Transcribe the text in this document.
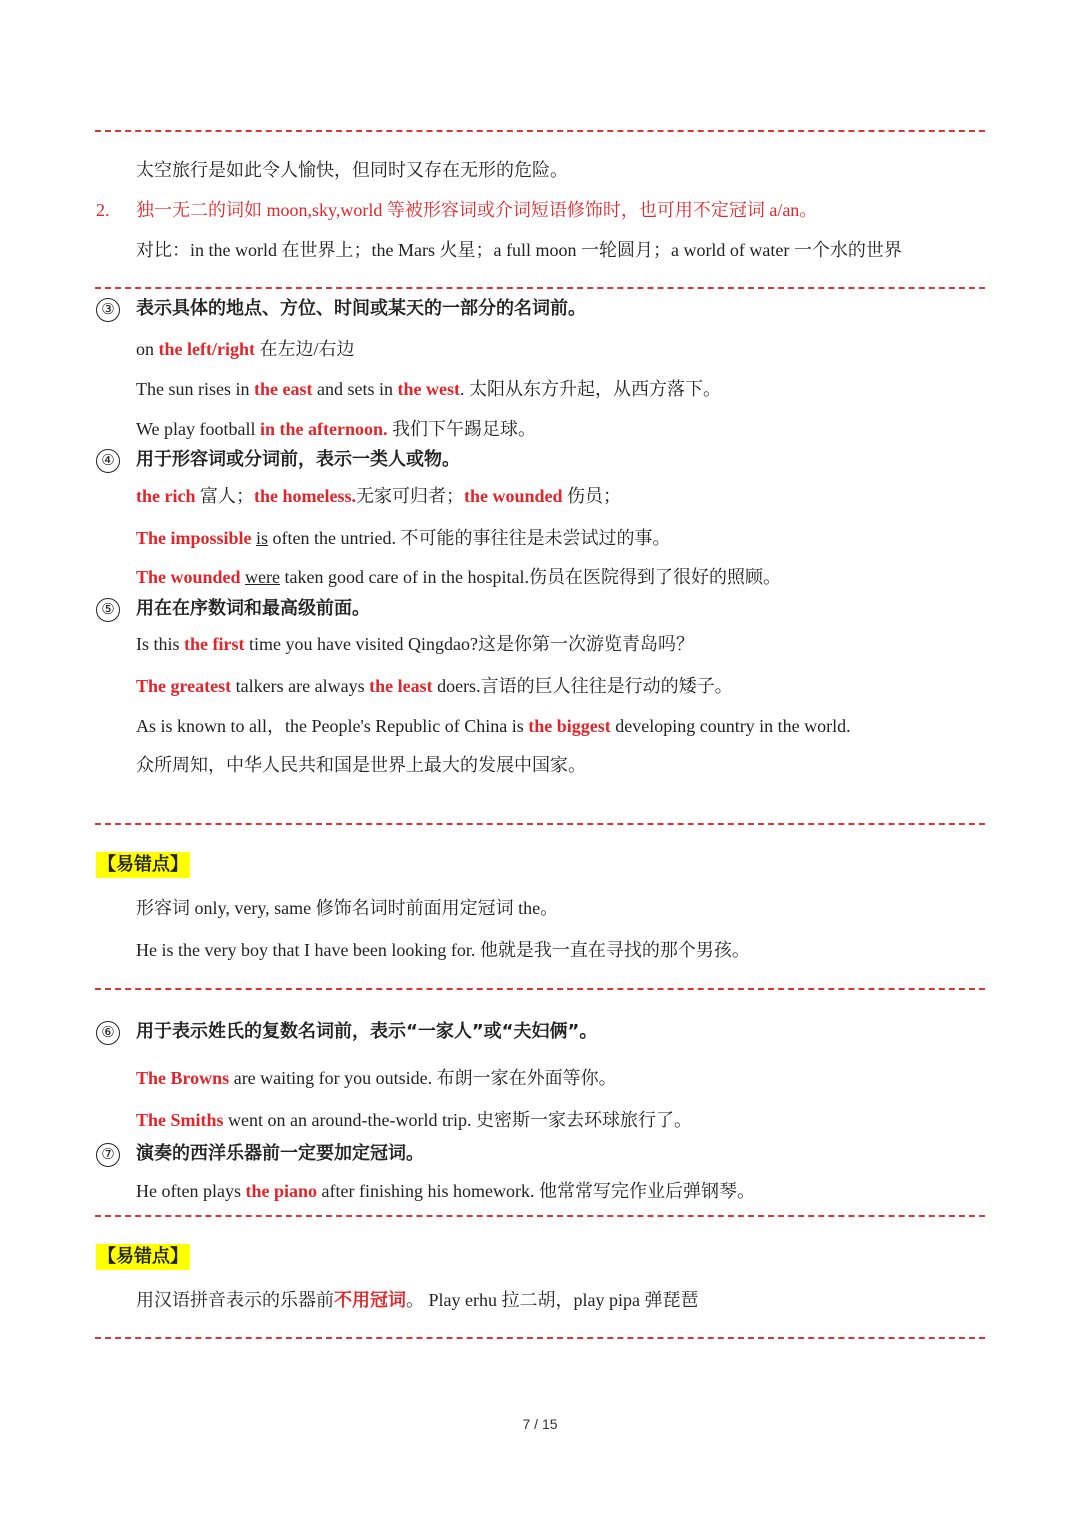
太空旅行是如此令人愉快，但同时又存在无形的危险。
2. 独一无二的词如 moon,sky,world 等被形容词或介词短语修饰时，也可用不定冠词 a/an。
对比：in the world 在世界上；the Mars 火星；a full moon 一轮圆月；a world of water 一个水的世界
③ 表示具体的地点、方位、时间或某天的一部分的名词前。
on the left/right 在左边/右边
The sun rises in the east and sets in the west. 太阳从东方升起，从西方落下。
We play football in the afternoon. 我们下午踢足球。
④ 用于形容词或分词前，表示一类人或物。
the rich 富人；the homeless.无家可归者；the wounded 伤员；
The impossible is often the untried. 不可能的事往往是未尝试过的事。
The wounded were taken good care of in the hospital.伤员在医院得到了很好的照顾。
⑤ 用在在序数词和最高级前面。
Is this the first time you have visited Qingdao?这是你第一次游览青岛吗？
The greatest talkers are always the least doers.言语的巨人往往是行动的矮子。
As is known to all，the People's Republic of China is the biggest developing country in the world.
众所周知，中华人民共和国是世界上最大的发展中国家。
【易错点】
形容词 only, very, same 修饰名词时前面用定冠词 the。
He is the very boy that I have been looking for. 他就是我一直在寻找的那个男孩。
⑥ 用于表示姓氏的复数名词前，表示“一家人”或“夫妇俩”。
The Browns are waiting for you outside. 布朗一家在外面等你。
The Smiths went on an around-the-world trip. 史密斯一家去环球旅行了。
⑦ 演奏的西洋乐器前一定要加定冠词。
He often plays the piano after finishing his homework. 他常常写完作业后弹钢琴。
【易错点】
用汉语拼音表示的乐器前不用冠词。 Play erhu 拉二胡，play pipa 弹琵琶
7 / 15
